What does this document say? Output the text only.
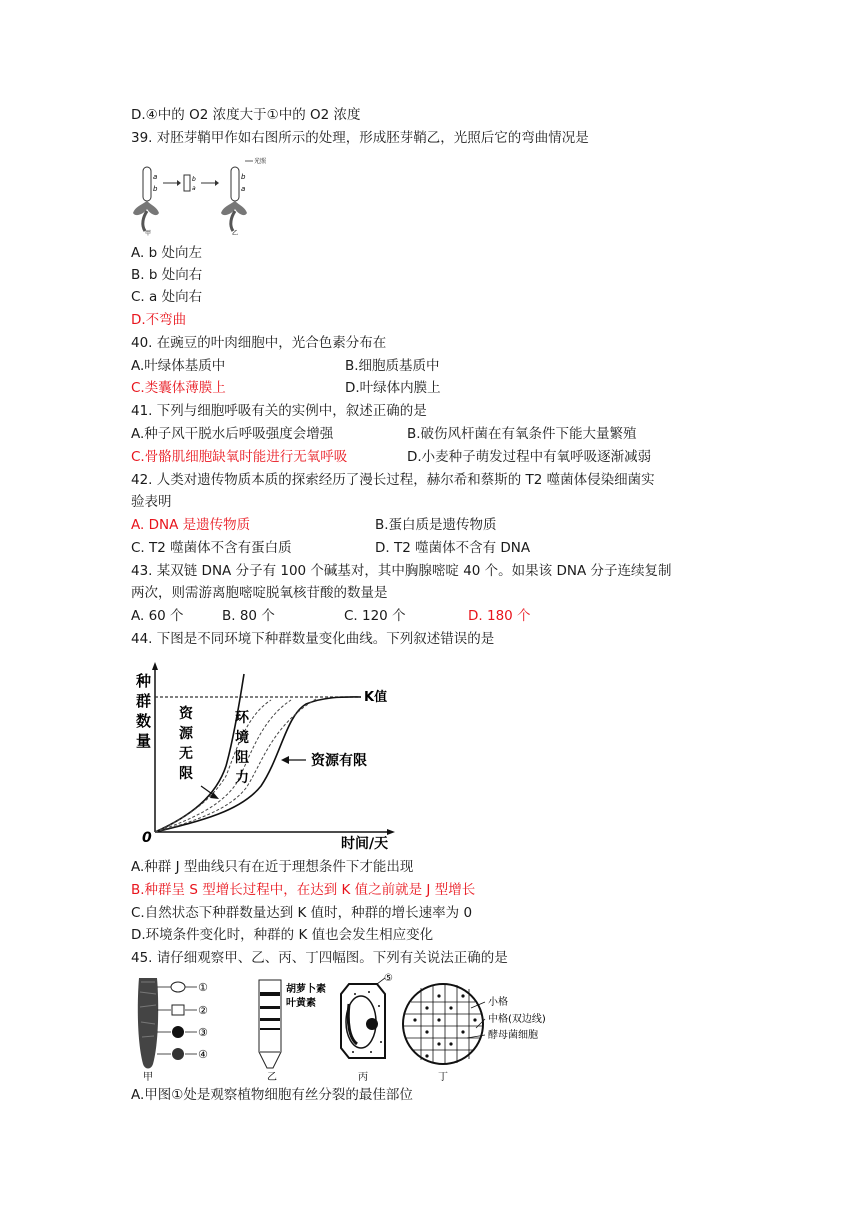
D.④中的 O2 浓度大于①中的 O2 浓度
39. 对胚芽鞘甲作如右图所示的处理，形成胚芽鞘乙，光照后它的弯曲情况是
a
b
b
a
b
a
光照
甲	乙
A. b 处向左
B. b 处向右
C. a 处向右
D.不弯曲
40. 在豌豆的叶肉细胞中，光合色素分布在
A.叶绿体基质中	B.细胞质基质中
C.类囊体薄膜上	D.叶绿体内膜上
41. 下列与细胞呼吸有关的实例中，叙述正确的是
A.种子风干脱水后呼吸强度会增强	B.破伤风杆菌在有氧条件下能大量繁殖
C.骨骼肌细胞缺氧时能进行无氧呼吸	D.小麦种子萌发过程中有氧呼吸逐渐减弱
42. 人类对遗传物质本质的探索经历了漫长过程，赫尔希和蔡斯的 T2 噬菌体侵染细菌实
验表明
A. DNA 是遗传物质	B.蛋白质是遗传物质
C. T2 噬菌体不含有蛋白质	D. T2 噬菌体不含有 DNA
43. 某双链 DNA 分子有 100 个碱基对，其中胸腺嘧啶 40 个。如果该 DNA 分子连续复制
两次，则需游离胞嘧啶脱氧核苷酸的数量是
A. 60 个	B. 80 个	C. 120 个	D. 180 个
44. 下图是不同环境下种群数量变化曲线。下列叙述错误的是
种
群
数
量
K值
资
源
无
限
环
境
阻
力
资源有限
0	时间/天
A.种群 J 型曲线只有在近于理想条件下才能出现
B.种群呈 S 型增长过程中，在达到 K 值之前就是 J 型增长
C.自然状态下种群数量达到 K 值时，种群的增长速率为 0
D.环境条件变化时，种群的 K 值也会发生相应变化
45. 请仔细观察甲、乙、丙、丁四幅图。下列有关说法正确的是
①
②
③
④
甲
胡萝卜素
叶黄素
乙
⑤
丙
小格
中格(双边线)
酵母菌细胞
丁
A.甲图①处是观察植物细胞有丝分裂的最佳部位
